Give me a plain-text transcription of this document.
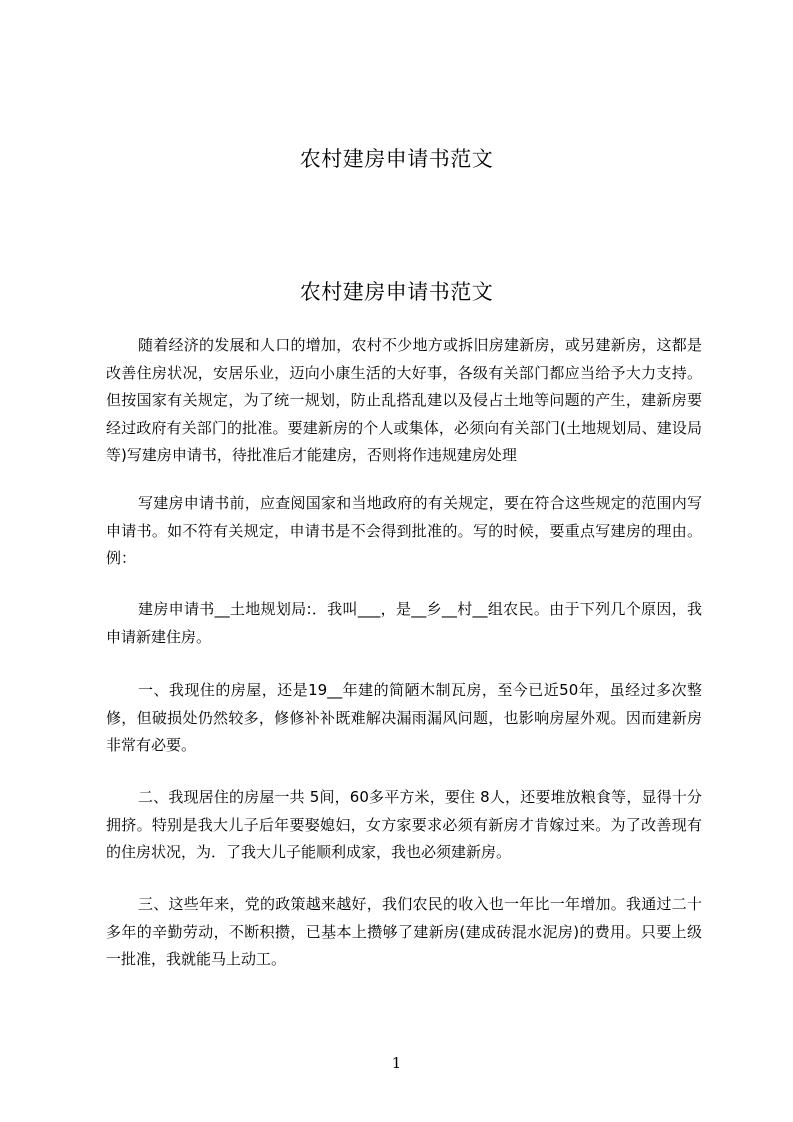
农村建房申请书范文
农村建房申请书范文

随着经济的发展和人口的增加，农村不少地方或拆旧房建新房，或另建新房，这都是改善住房状况，安居乐业，迈向小康生活的大好事，各级有关部门都应当给予大力支持。但按国家有关规定，为了统一规划，防止乱搭乱建以及侵占土地等问题的产生，建新房要经过政府有关部门的批准。要建新房的个人或集体，必须向有关部门(土地规划局、建设局等)写建房申请书，待批准后才能建房，否则将作违规建房处理

写建房申请书前，应查阅国家和当地政府的有关规定，要在符合这些规定的范围内写申请书。如不符有关规定，申请书是不会得到批准的。写的时候，要重点写建房的理由。例：

建房申请书__土地规划局:．我叫___，是__乡__村__组农民。由于下列几个原因，我申请新建住房。

一、我现住的房屋，还是19__年建的简陋木制瓦房，至今已近50年，虽经过多次整修，但破损处仍然较多，修修补补既难解决漏雨漏风问题，也影响房屋外观。因而建新房非常有必要。

二、我现居住的房屋一共 5间，60多平方米，要住 8人，还要堆放粮食等，显得十分拥挤。特别是我大儿子后年要娶媳妇，女方家要求必须有新房才肯嫁过来。为了改善现有的住房状况，为．了我大儿子能顺利成家，我也必须建新房。

三、这些年来，党的政策越来越好，我们农民的收入也一年比一年增加。我通过二十多年的辛勤劳动，不断积攒，已基本上攒够了建新房(建成砖混水泥房)的费用。只要上级一批准，我就能马上动工。

1
